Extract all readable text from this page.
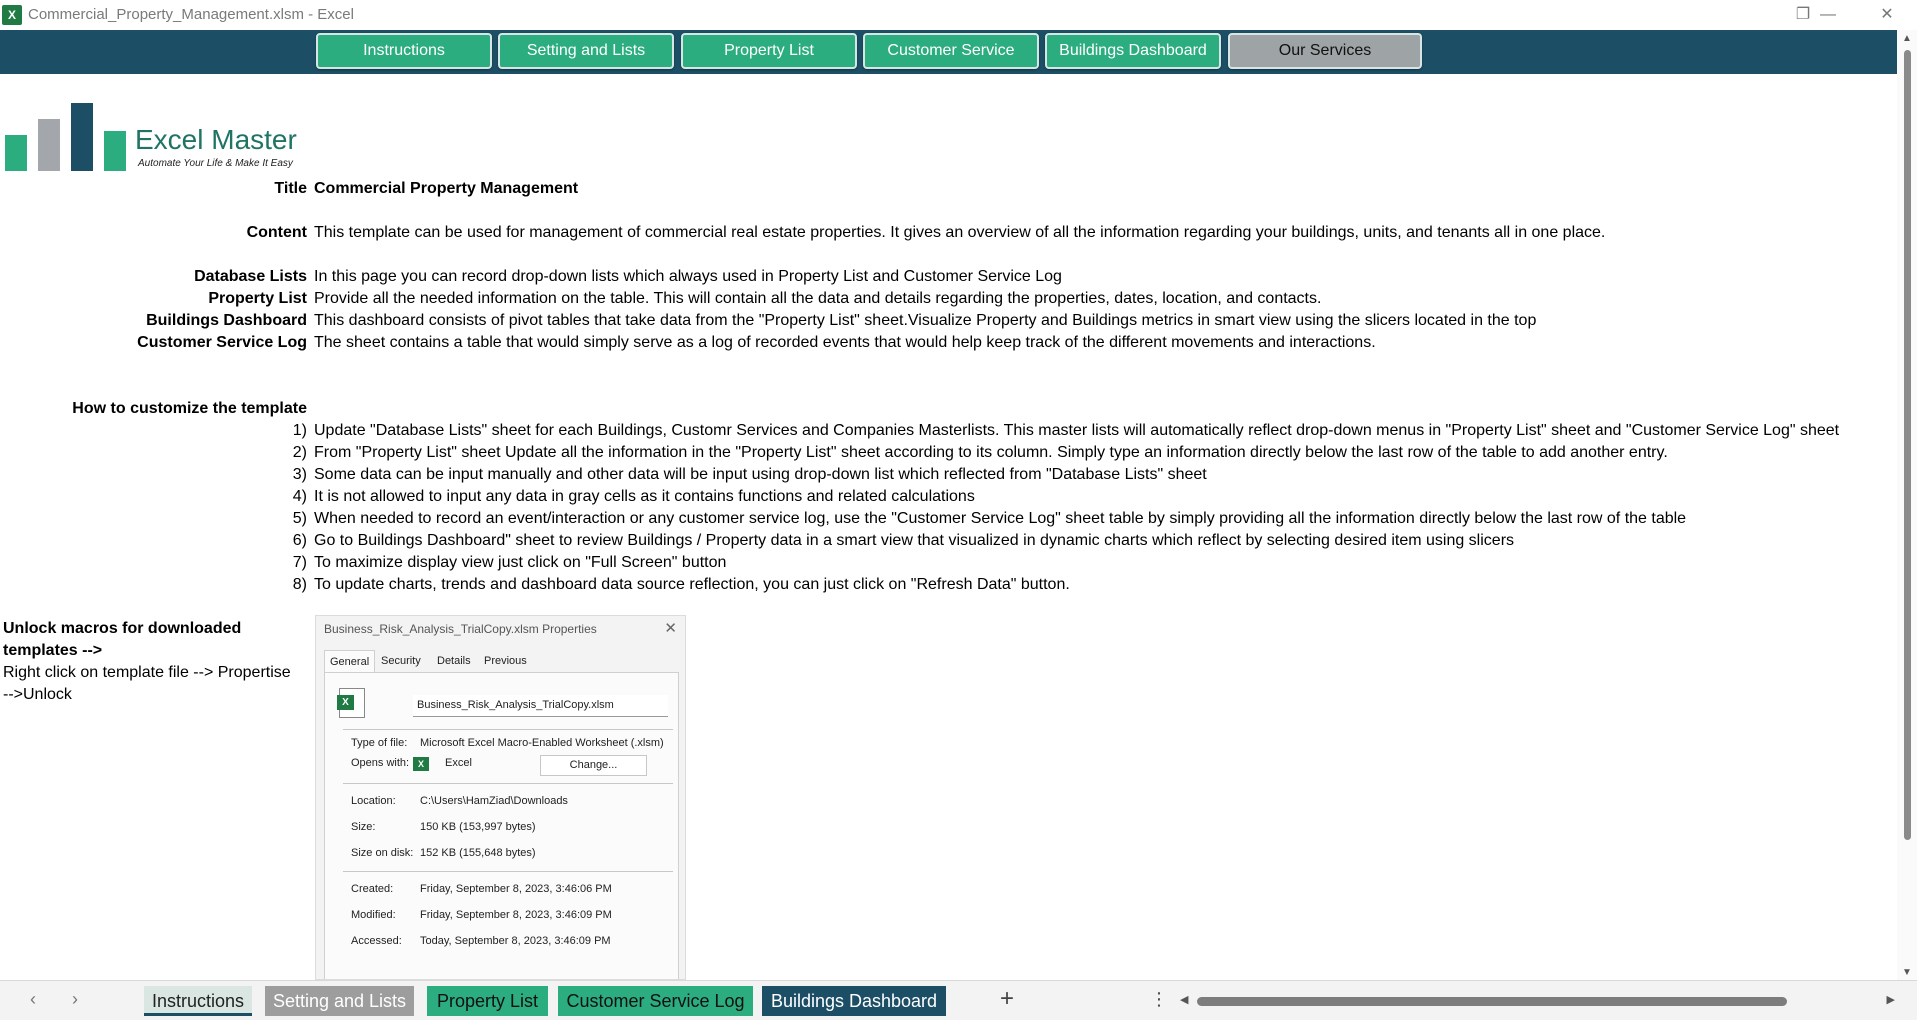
X Commercial_Property_Management.xlsm - Excel	—
❐	✕
Instructions	Setting and Lists	Property List	Customer Service	Buildings Dashboard	Our Services
▲
▼
Excel Master
Automate Your Life & Make It Easy
Title Commercial Property Management
Content This template can be used for management of commercial real estate properties. It gives an overview of all the information regarding your buildings, units, and tenants all in one place.
Database Lists In this page you can record drop-down lists which always used in Property List and Customer Service Log
Property List Provide all the needed information on the table. This will contain all the data and details regarding the properties, dates, location, and contacts.
Buildings Dashboard This dashboard consists of pivot tables that take data from the "Property List" sheet.Visualize Property and Buildings metrics in smart view using the slicers located in the top
Customer Service Log The sheet contains a table that would simply serve as a log of recorded events that would help keep track of the different movements and interactions.
How to customize the template
1) Update "Database Lists" sheet for each Buildings, Customr Services and Companies Masterlists. This master lists will automatically reflect drop-down menus in "Property List" sheet and "Customer Service Log" sheet
2) From "Property List" sheet Update all the information in the "Property List" sheet according to its column. Simply type an information directly below the last row of the table to add another entry.
3) Some data can be input manually and other data will be input using drop-down list which reflected from "Database Lists" sheet
4) It is not allowed to input any data in gray cells as it contains functions and related calculations
5) When needed to record an event/interaction or any customer service log, use the "Customer Service Log" sheet table by simply providing all the information directly below the last row of the table
6) Go to Buildings Dashboard" sheet to review Buildings / Property data in a smart view that visualized in dynamic charts which reflect by selecting desired item using slicers
7) To maximize display view just click on "Full Screen" button
8) To update charts, trends and dashboard data source reflection, you can just click on "Refresh Data" button.
Unlock macros for downloaded
templates -->
Right click on template file --> Propertise
-->Unlock
Business_Risk_Analysis_TrialCopy.xlsm Properties	✕
General	Security	Details	Previous
X	Business_Risk_Analysis_TrialCopy.xlsm
Type of file: Microsoft Excel Macro-Enabled Worksheet (.xlsm)
Opens with: X	Excel	Change...
Location: C:\Users\HamZiad\Downloads
Size:	150 KB (153,997 bytes)
Size on disk: 152 KB (155,648 bytes)
Created: Friday, September 8, 2023, 3:46:06 PM
Modified: Friday, September 8, 2023, 3:46:09 PM
Accessed: Today, September 8, 2023, 3:46:09 PM
‹ ›	Instructions	Setting and Lists	Property List	Customer Service Log	Buildings Dashboard	+	⋮ ◀	▶
